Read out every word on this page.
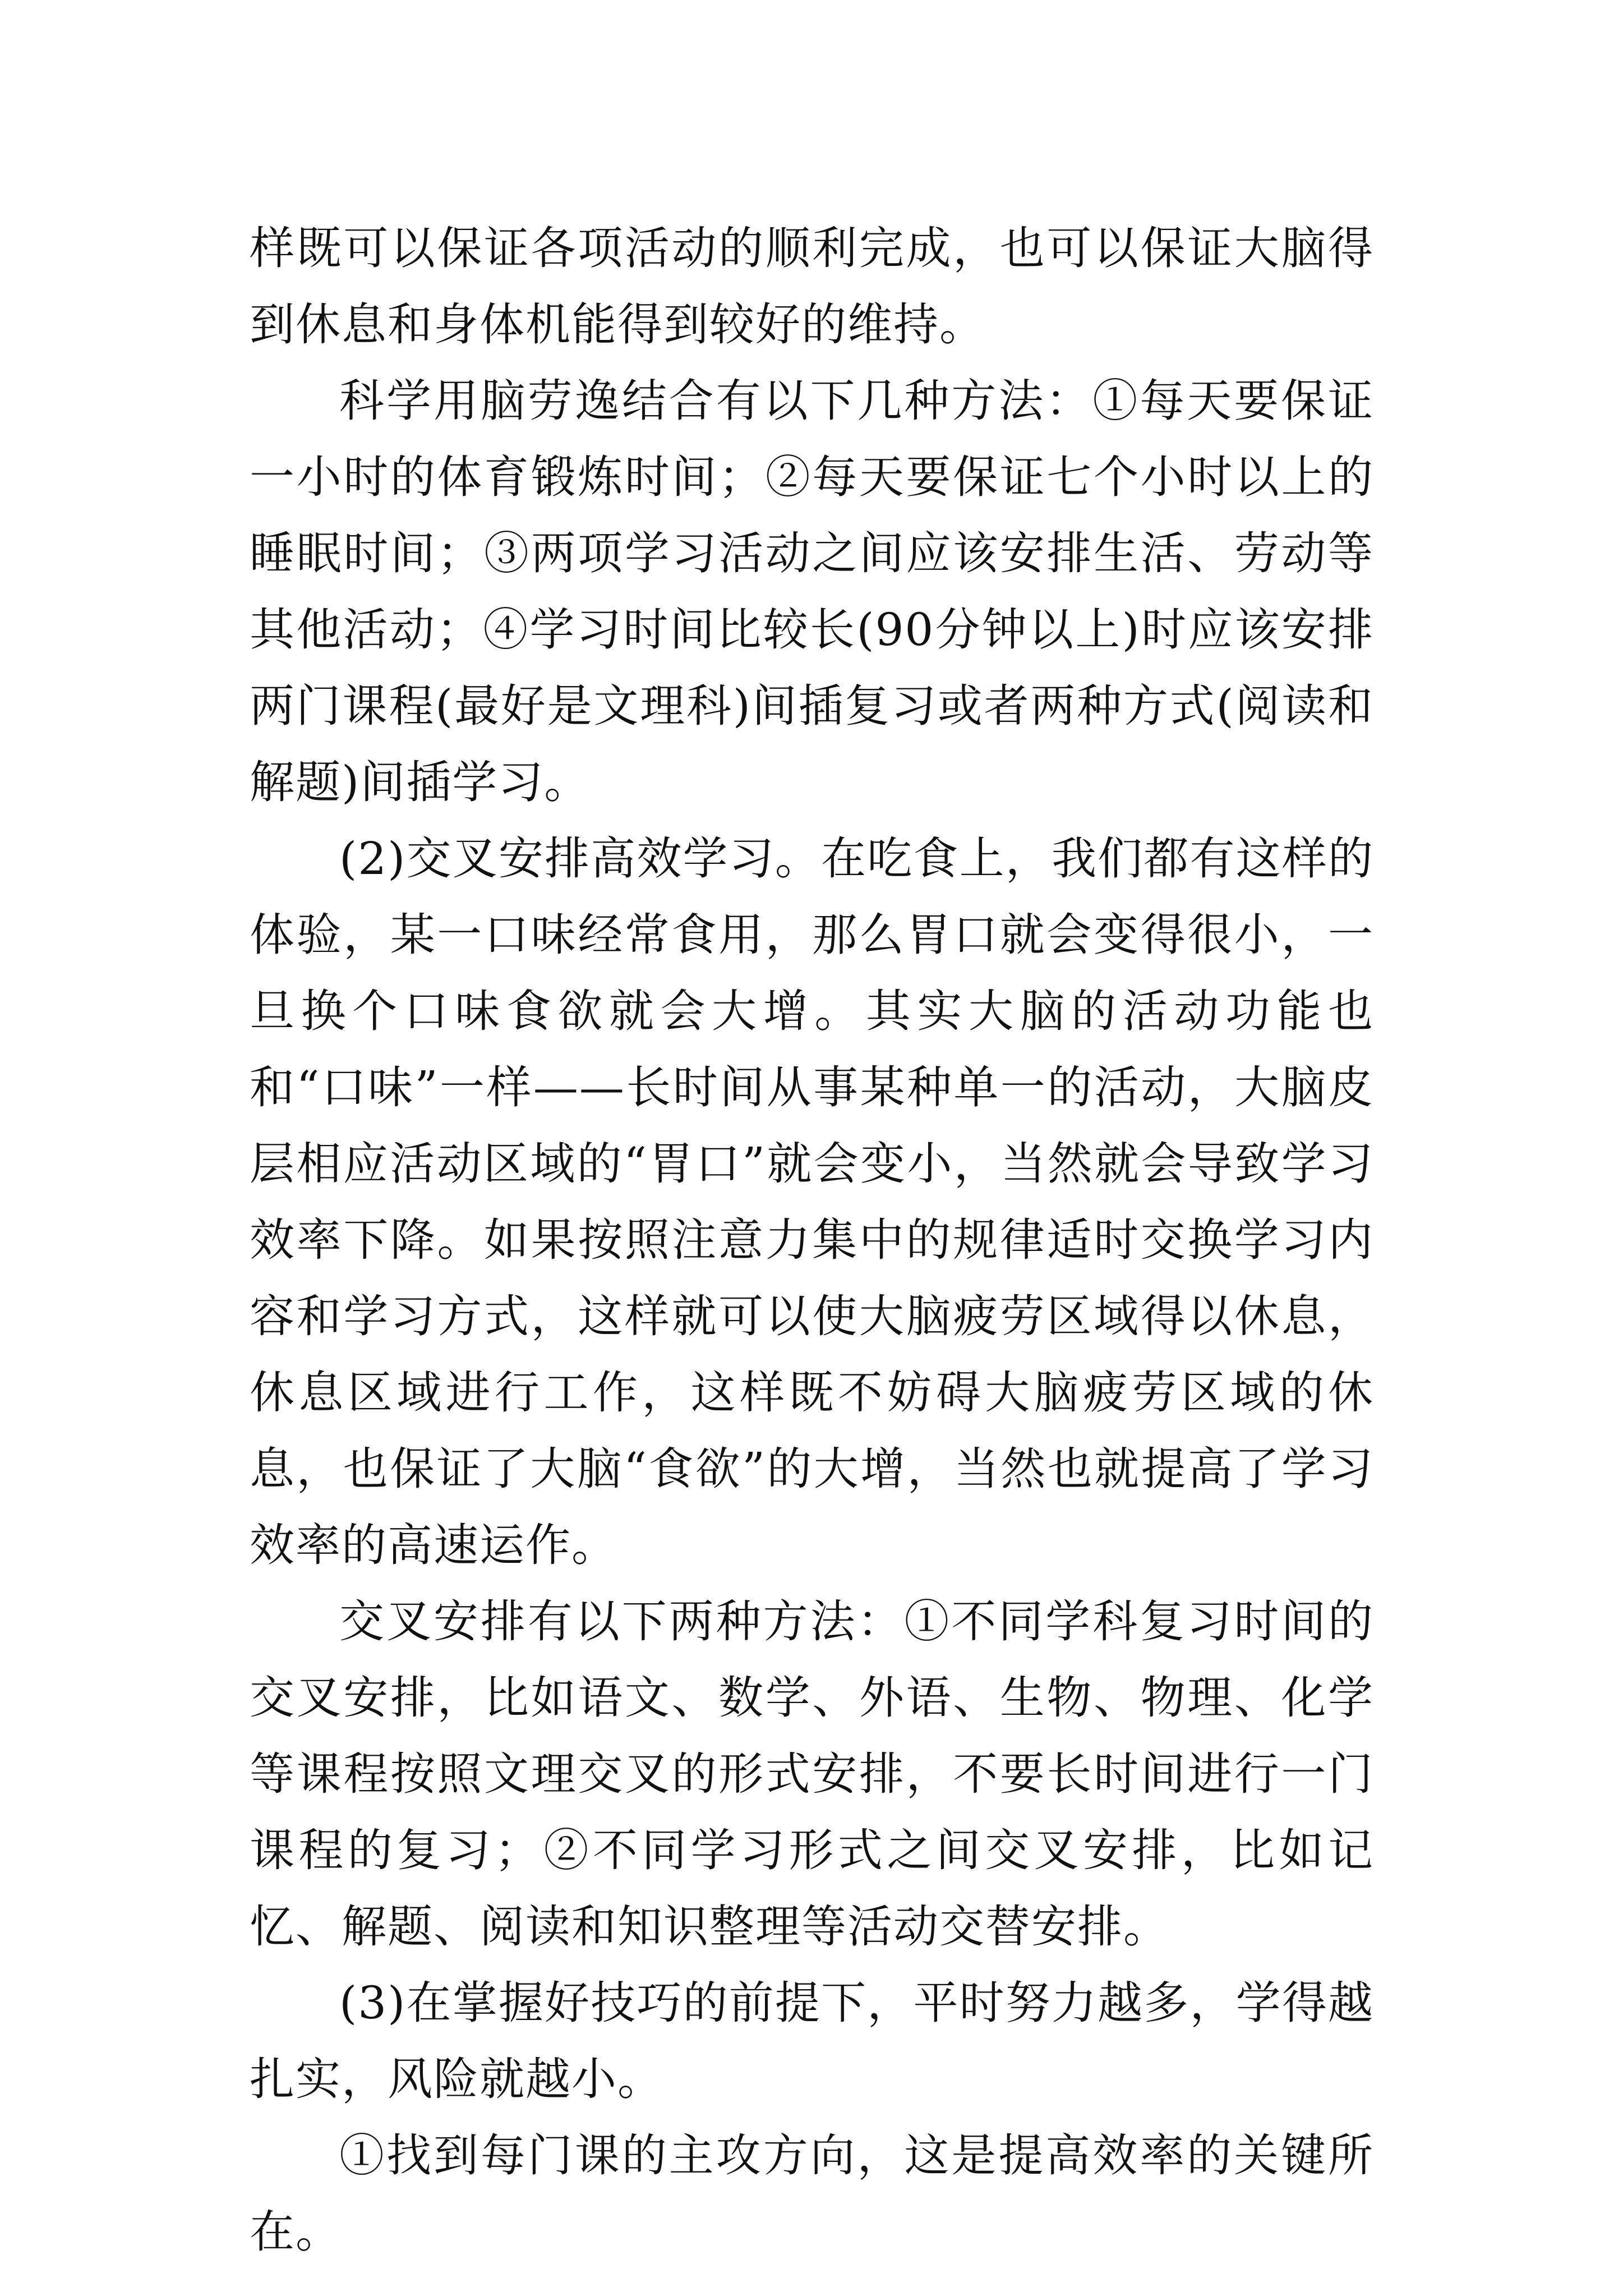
样既可以保证各项活动的顺利完成，也可以保证大脑得到休息和身体机能得到较好的维持。

科学用脑劳逸结合有以下几种方法：①每天要保证一小时的体育锻炼时间；②每天要保证七个小时以上的睡眠时间；③两项学习活动之间应该安排生活、劳动等其他活动；④学习时间比较长(90分钟以上)时应该安排两门课程(最好是文理科)间插复习或者两种方式(阅读和解题)间插学习。

(2)交叉安排高效学习。在吃食上，我们都有这样的体验，某一口味经常食用，那么胃口就会变得很小，一旦换个口味食欲就会大增。其实大脑的活动功能也和“口味”一样——长时间从事某种单一的活动，大脑皮层相应活动区域的“胃口”就会变小，当然就会导致学习效率下降。如果按照注意力集中的规律适时交换学习内容和学习方式，这样就可以使大脑疲劳区域得以休息，休息区域进行工作，这样既不妨碍大脑疲劳区域的休息，也保证了大脑“食欲”的大增，当然也就提高了学习效率的高速运作。

交叉安排有以下两种方法：①不同学科复习时间的交叉安排，比如语文、数学、外语、生物、物理、化学等课程按照文理交叉的形式安排，不要长时间进行一门课程的复习；②不同学习形式之间交叉安排，比如记忆、解题、阅读和知识整理等活动交替安排。

(3)在掌握好技巧的前提下，平时努力越多，学得越扎实，风险就越小。

①找到每门课的主攻方向，这是提高效率的关键所在。
